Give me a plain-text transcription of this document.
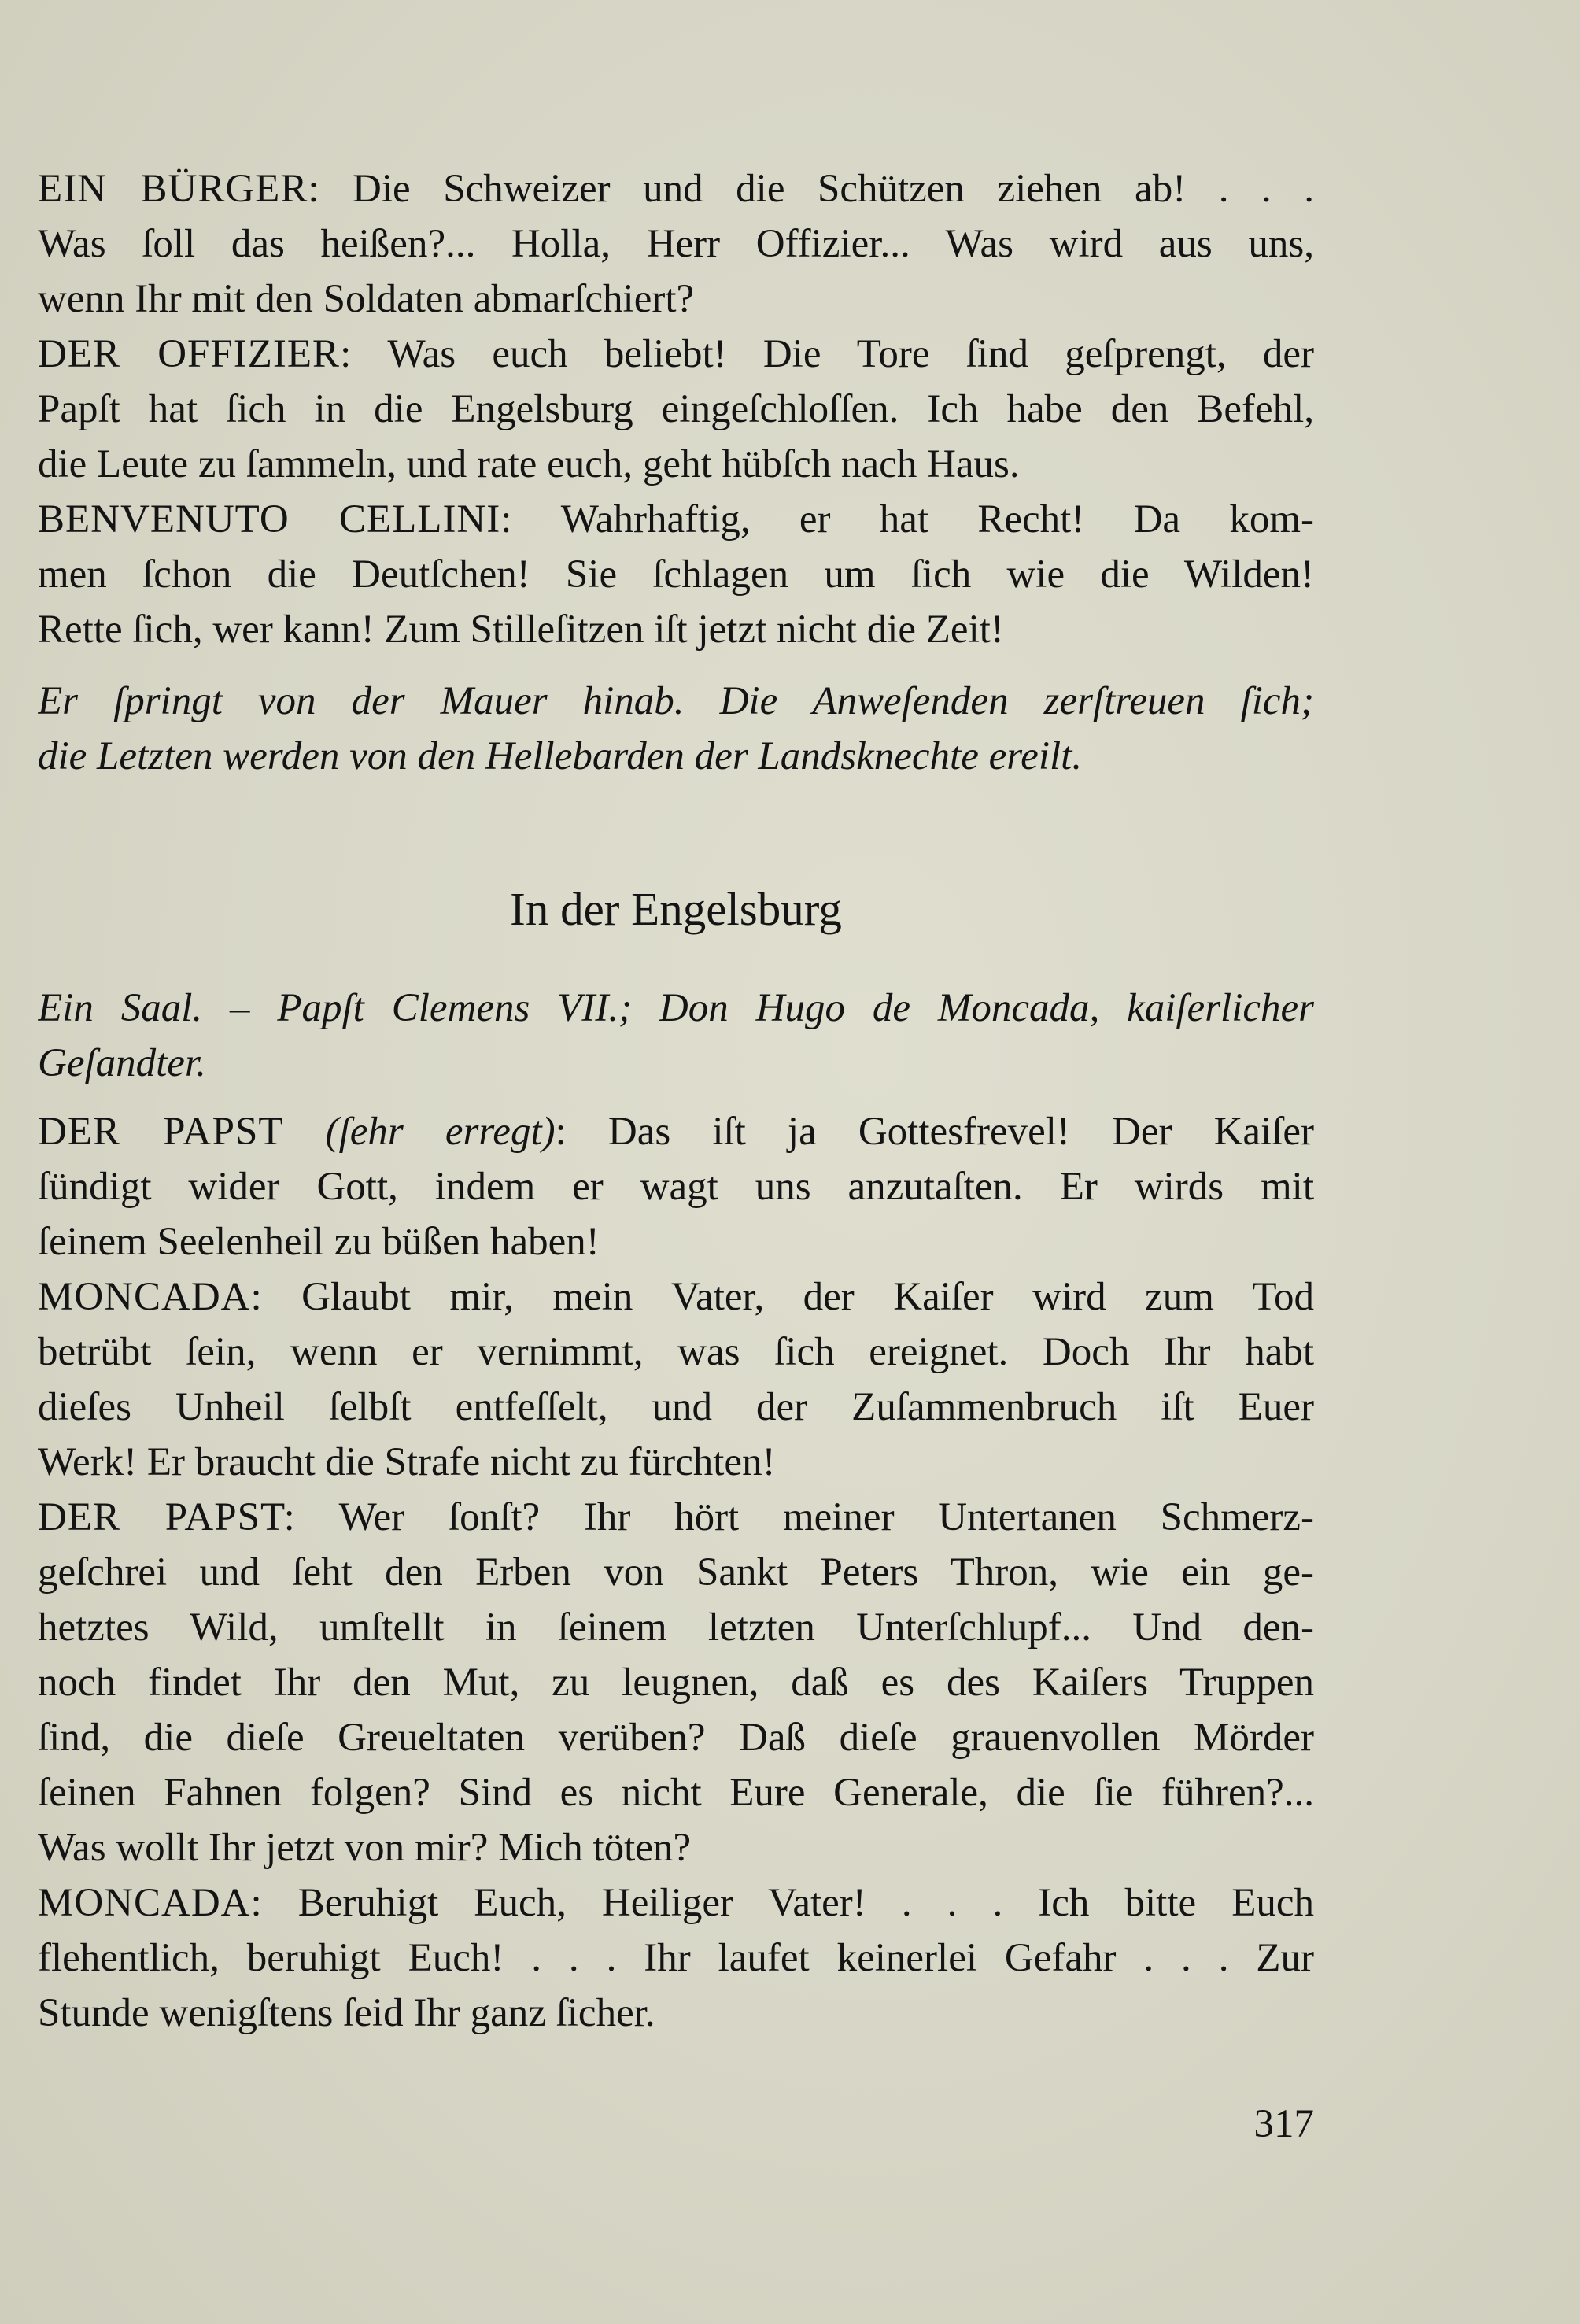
EIN BÜRGER: Die Schweizer und die Schützen ziehen ab! . . .
Was ſoll das heißen?... Holla, Herr Offizier... Was wird aus uns,
wenn Ihr mit den Soldaten abmarſchiert?
DER OFFIZIER: Was euch beliebt! Die Tore ſind geſprengt, der
Papſt hat ſich in die Engelsburg eingeſchloſſen. Ich habe den Befehl,
die Leute zu ſammeln, und rate euch, geht hübſch nach Haus.
BENVENUTO CELLINI: Wahrhaftig, er hat Recht! Da kom-
men ſchon die Deutſchen! Sie ſchlagen um ſich wie die Wilden!
Rette ſich, wer kann! Zum Stilleſitzen iſt jetzt nicht die Zeit!
Er ſpringt von der Mauer hinab. Die Anweſenden zerſtreuen ſich;
die Letzten werden von den Hellebarden der Landsknechte ereilt.
In der Engelsburg
Ein Saal. – Papſt Clemens VII.; Don Hugo de Moncada, kaiſerlicher
Geſandter.
DER PAPST (ſehr erregt): Das iſt ja Gottesfrevel! Der Kaiſer
ſündigt wider Gott, indem er wagt uns anzutaſten. Er wirds mit
ſeinem Seelenheil zu büßen haben!
MONCADA: Glaubt mir, mein Vater, der Kaiſer wird zum Tod
betrübt ſein, wenn er vernimmt, was ſich ereignet. Doch Ihr habt
dieſes Unheil ſelbſt entfeſſelt, und der Zuſammenbruch iſt Euer
Werk! Er braucht die Strafe nicht zu fürchten!
DER PAPST: Wer ſonſt? Ihr hört meiner Untertanen Schmerz-
geſchrei und ſeht den Erben von Sankt Peters Thron, wie ein ge-
hetztes Wild, umſtellt in ſeinem letzten Unterſchlupf... Und den-
noch findet Ihr den Mut, zu leugnen, daß es des Kaiſers Truppen
ſind, die dieſe Greueltaten verüben? Daß dieſe grauenvollen Mörder
ſeinen Fahnen folgen? Sind es nicht Eure Generale, die ſie führen?...
Was wollt Ihr jetzt von mir? Mich töten?
MONCADA: Beruhigt Euch, Heiliger Vater! . . . Ich bitte Euch
flehentlich, beruhigt Euch! . . . Ihr laufet keinerlei Gefahr . . . Zur
Stunde wenigſtens ſeid Ihr ganz ſicher.
317
